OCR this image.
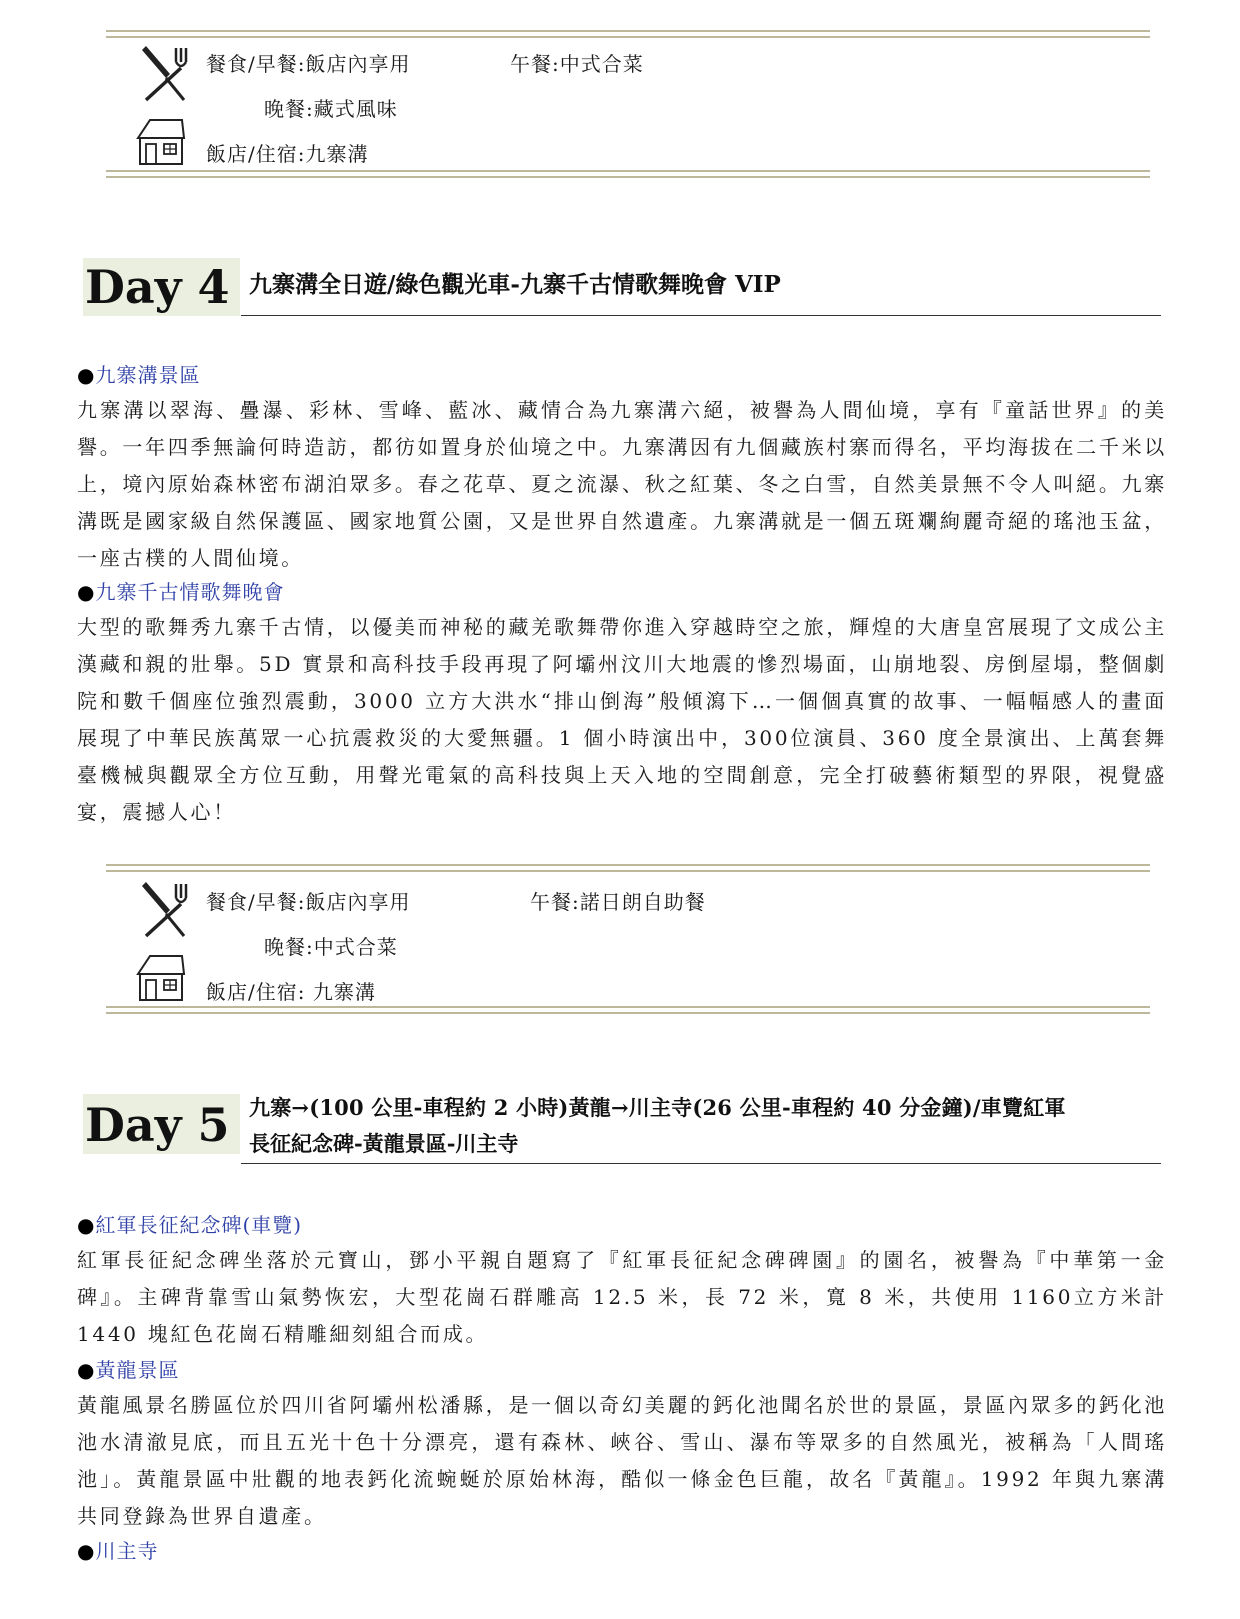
餐食/早餐:飯店內享用	午餐:中式合菜
晚餐:藏式風味
飯店/住宿:九寨溝
Day 4 九寨溝全日遊/綠色觀光車-九寨千古情歌舞晚會 VIP
●九寨溝景區
九寨溝以翠海、疊瀑、彩林、雪峰、藍冰、藏情合為九寨溝六絕，被譽為人間仙境，享有『童話世界』的美譽。一年四季無論何時造訪，都彷如置身於仙境之中。九寨溝因有九個藏族村寨而得名，平均海拔在二千米以上，境內原始森林密布湖泊眾多。春之花草、夏之流瀑、秋之紅葉、冬之白雪，自然美景無不令人叫絕。九寨溝既是國家級自然保護區、國家地質公園，又是世界自然遺產。九寨溝就是一個五斑斕絢麗奇絕的瑤池玉盆，一座古樸的人間仙境。
●九寨千古情歌舞晚會
大型的歌舞秀九寨千古情，以優美而神秘的藏羌歌舞帶你進入穿越時空之旅，輝煌的大唐皇宮展現了文成公主漢藏和親的壯舉。5D 實景和高科技手段再現了阿壩州汶川大地震的慘烈場面，山崩地裂、房倒屋塌，整個劇院和數千個座位強烈震動，3000 立方大洪水“排山倒海”般傾瀉下…一個個真實的故事、一幅幅感人的畫面展現了中華民族萬眾一心抗震救災的大愛無疆。1 個小時演出中，300位演員、360 度全景演出、上萬套舞臺機械與觀眾全方位互動，用聲光電氣的高科技與上天入地的空間創意，完全打破藝術類型的界限，視覺盛宴，震撼人心！
餐食/早餐:飯店內享用	午餐:諾日朗自助餐
晚餐:中式合菜
飯店/住宿: 九寨溝
Day 5 九寨→(100 公里-車程約 2 小時)黃龍→川主寺(26 公里-車程約 40 分金鐘)/車覽紅軍
長征紀念碑-黃龍景區-川主寺
●紅軍長征紀念碑(車覽)
紅軍長征紀念碑坐落於元寶山，鄧小平親自題寫了『紅軍長征紀念碑碑園』的園名，被譽為『中華第一金碑』。主碑背靠雪山氣勢恢宏，大型花崗石群雕高 12.5 米，長 72 米，寬 8 米，共使用 1160立方米計 1440 塊紅色花崗石精雕細刻組合而成。
●黃龍景區
黃龍風景名勝區位於四川省阿壩州松潘縣，是一個以奇幻美麗的鈣化池聞名於世的景區，景區內眾多的鈣化池池水清澈見底，而且五光十色十分漂亮，還有森林、峽谷、雪山、瀑布等眾多的自然風光，被稱為「人間瑤池」。黃龍景區中壯觀的地表鈣化流蜿蜒於原始林海，酷似一條金色巨龍，故名『黃龍』。1992 年與九寨溝共同登錄為世界自遺產。
●川主寺
